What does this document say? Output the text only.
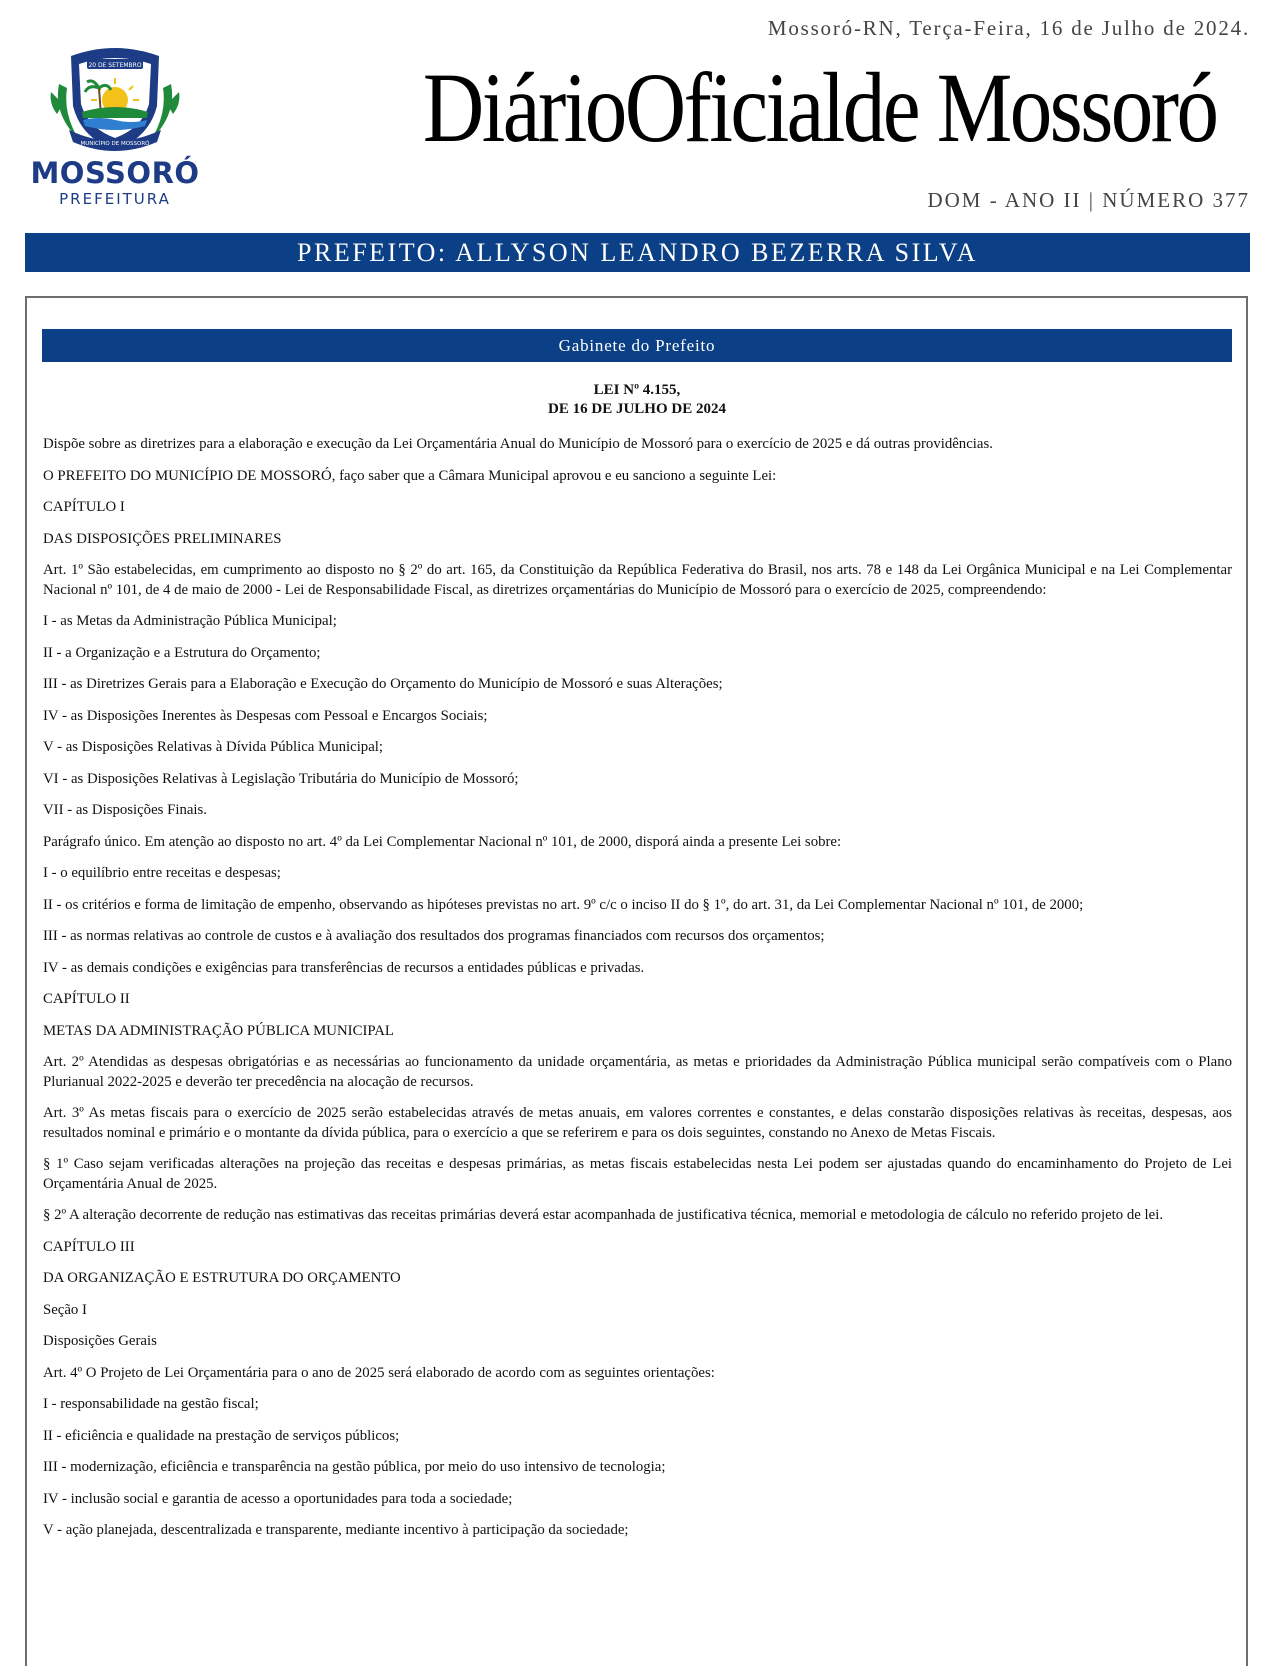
20 DE SETEMBRO
MUNICÍPIO DE MOSSORÓ
MOSSORÓ
PREFEITURA
Mossoró-RN, Terça-Feira, 16 de Julho de 2024.
DiárioOficialde Mossoró
DOM - ANO II | NÚMERO 377
PREFEITO: ALLYSON LEANDRO BEZERRA SILVA
Gabinete do Prefeito
LEI Nº 4.155,
DE 16 DE JULHO DE 2024

Dispõe sobre as diretrizes para a elaboração e execução da Lei Orçamentária Anual do Município de Mossoró para o exercício de 2025 e dá outras providências.

O PREFEITO DO MUNICÍPIO DE MOSSORÓ, faço saber que a Câmara Municipal aprovou e eu sanciono a seguinte Lei:

CAPÍTULO I

DAS DISPOSIÇÕES PRELIMINARES

Art. 1º São estabelecidas, em cumprimento ao disposto no § 2º do art. 165, da Constituição da República Federativa do Brasil, nos arts. 78 e 148 da Lei Orgânica Municipal e na Lei Complementar Nacional nº 101, de 4 de maio de 2000 - Lei de Responsabilidade Fiscal, as diretrizes orçamentárias do Município de Mossoró para o exercício de 2025, compreendendo:

I - as Metas da Administração Pública Municipal;

II - a Organização e a Estrutura do Orçamento;

III - as Diretrizes Gerais para a Elaboração e Execução do Orçamento do Município de Mossoró e suas Alterações;

IV - as Disposições Inerentes às Despesas com Pessoal e Encargos Sociais;

V - as Disposições Relativas à Dívida Pública Municipal;

VI - as Disposições Relativas à Legislação Tributária do Município de Mossoró;

VII - as Disposições Finais.

Parágrafo único. Em atenção ao disposto no art. 4º da Lei Complementar Nacional nº 101, de 2000, disporá ainda a presente Lei sobre:

I - o equilíbrio entre receitas e despesas;

II - os critérios e forma de limitação de empenho, observando as hipóteses previstas no art. 9º c/c o inciso II do § 1º, do art. 31, da Lei Complementar Nacional nº 101, de 2000;

III - as normas relativas ao controle de custos e à avaliação dos resultados dos programas financiados com recursos dos orçamentos;

IV - as demais condições e exigências para transferências de recursos a entidades públicas e privadas.

CAPÍTULO II

METAS DA ADMINISTRAÇÃO PÚBLICA MUNICIPAL

Art. 2º Atendidas as despesas obrigatórias e as necessárias ao funcionamento da unidade orçamentária, as metas e prioridades da Administração Pública municipal serão compatíveis com o Plano Plurianual 2022-2025 e deverão ter precedência na alocação de recursos.

Art. 3º As metas fiscais para o exercício de 2025 serão estabelecidas através de metas anuais, em valores correntes e constantes, e delas constarão disposições relativas às receitas, despesas, aos resultados nominal e primário e o montante da dívida pública, para o exercício a que se referirem e para os dois seguintes, constando no Anexo de Metas Fiscais.

§ 1º Caso sejam verificadas alterações na projeção das receitas e despesas primárias, as metas fiscais estabelecidas nesta Lei podem ser ajustadas quando do encaminhamento do Projeto de Lei Orçamentária Anual de 2025.

§ 2º A alteração decorrente de redução nas estimativas das receitas primárias deverá estar acompanhada de justificativa técnica, memorial e metodologia de cálculo no referido projeto de lei.

CAPÍTULO III

DA ORGANIZAÇÃO E ESTRUTURA DO ORÇAMENTO

Seção I

Disposições Gerais

Art. 4º O Projeto de Lei Orçamentária para o ano de 2025 será elaborado de acordo com as seguintes orientações:

I - responsabilidade na gestão fiscal;

II - eficiência e qualidade na prestação de serviços públicos;

III - modernização, eficiência e transparência na gestão pública, por meio do uso intensivo de tecnologia;

IV - inclusão social e garantia de acesso a oportunidades para toda a sociedade;

V - ação planejada, descentralizada e transparente, mediante incentivo à participação da sociedade;
